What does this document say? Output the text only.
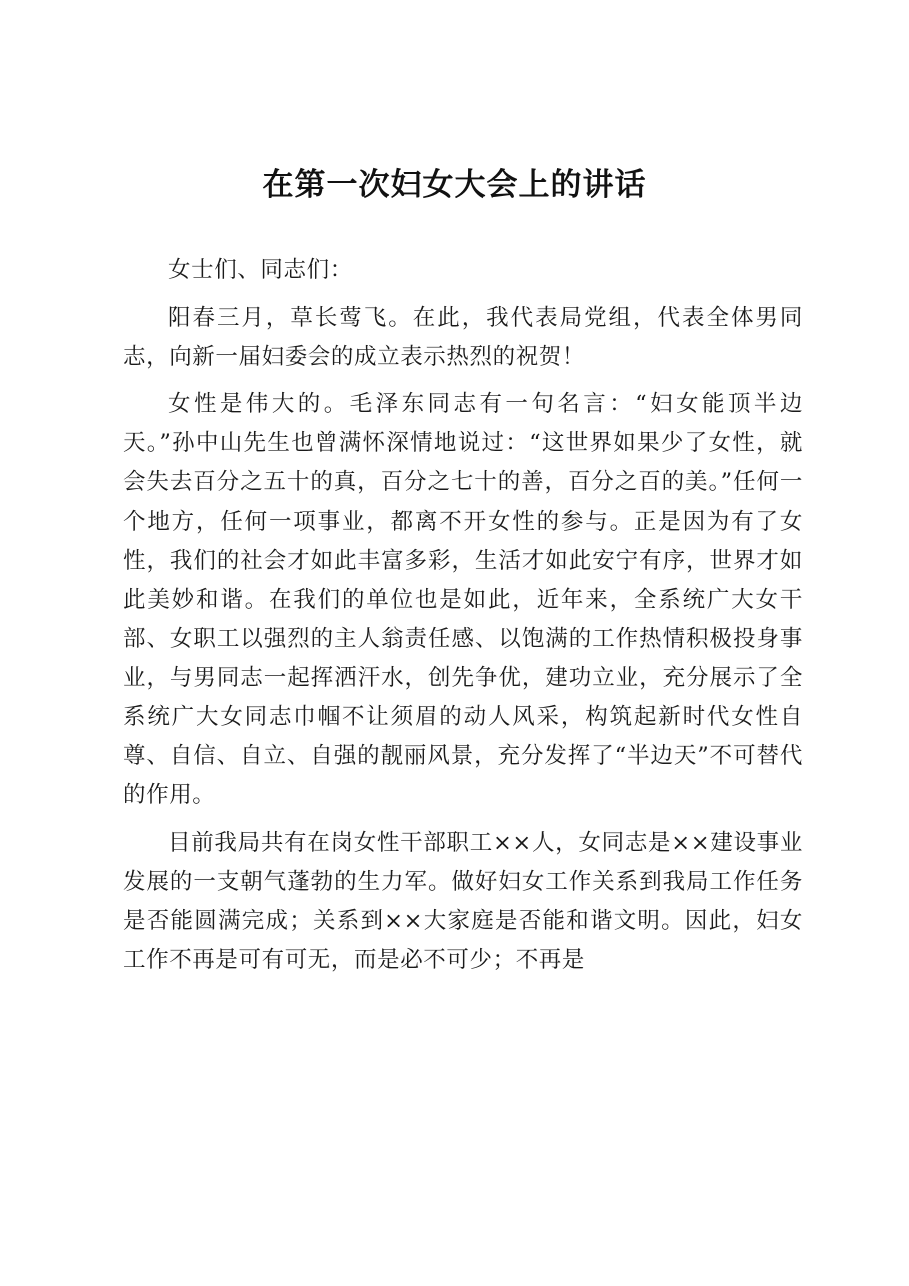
在第一次妇女大会上的讲话

女士们、同志们：

阳春三月，草长莺飞。在此，我代表局党组，代表全体男同志，向新一届妇委会的成立表示热烈的祝贺！

女性是伟大的。毛泽东同志有一句名言：“妇女能顶半边天。”孙中山先生也曾满怀深情地说过：“这世界如果少了女性，就会失去百分之五十的真，百分之七十的善，百分之百的美。”任何一个地方，任何一项事业，都离不开女性的参与。正是因为有了女性，我们的社会才如此丰富多彩，生活才如此安宁有序，世界才如此美妙和谐。在我们的单位也是如此，近年来，全系统广大女干部、女职工以强烈的主人翁责任感、以饱满的工作热情积极投身事业，与男同志一起挥洒汗水，创先争优，建功立业，充分展示了全系统广大女同志巾帼不让须眉的动人风采，构筑起新时代女性自尊、自信、自立、自强的靓丽风景，充分发挥了“半边天”不可替代的作用。

目前我局共有在岗女性干部职工××人，女同志是××建设事业发展的一支朝气蓬勃的生力军。做好妇女工作关系到我局工作任务是否能圆满完成；关系到××大家庭是否能和谐文明。因此，妇女工作不再是可有可无，而是必不可少；不再是
